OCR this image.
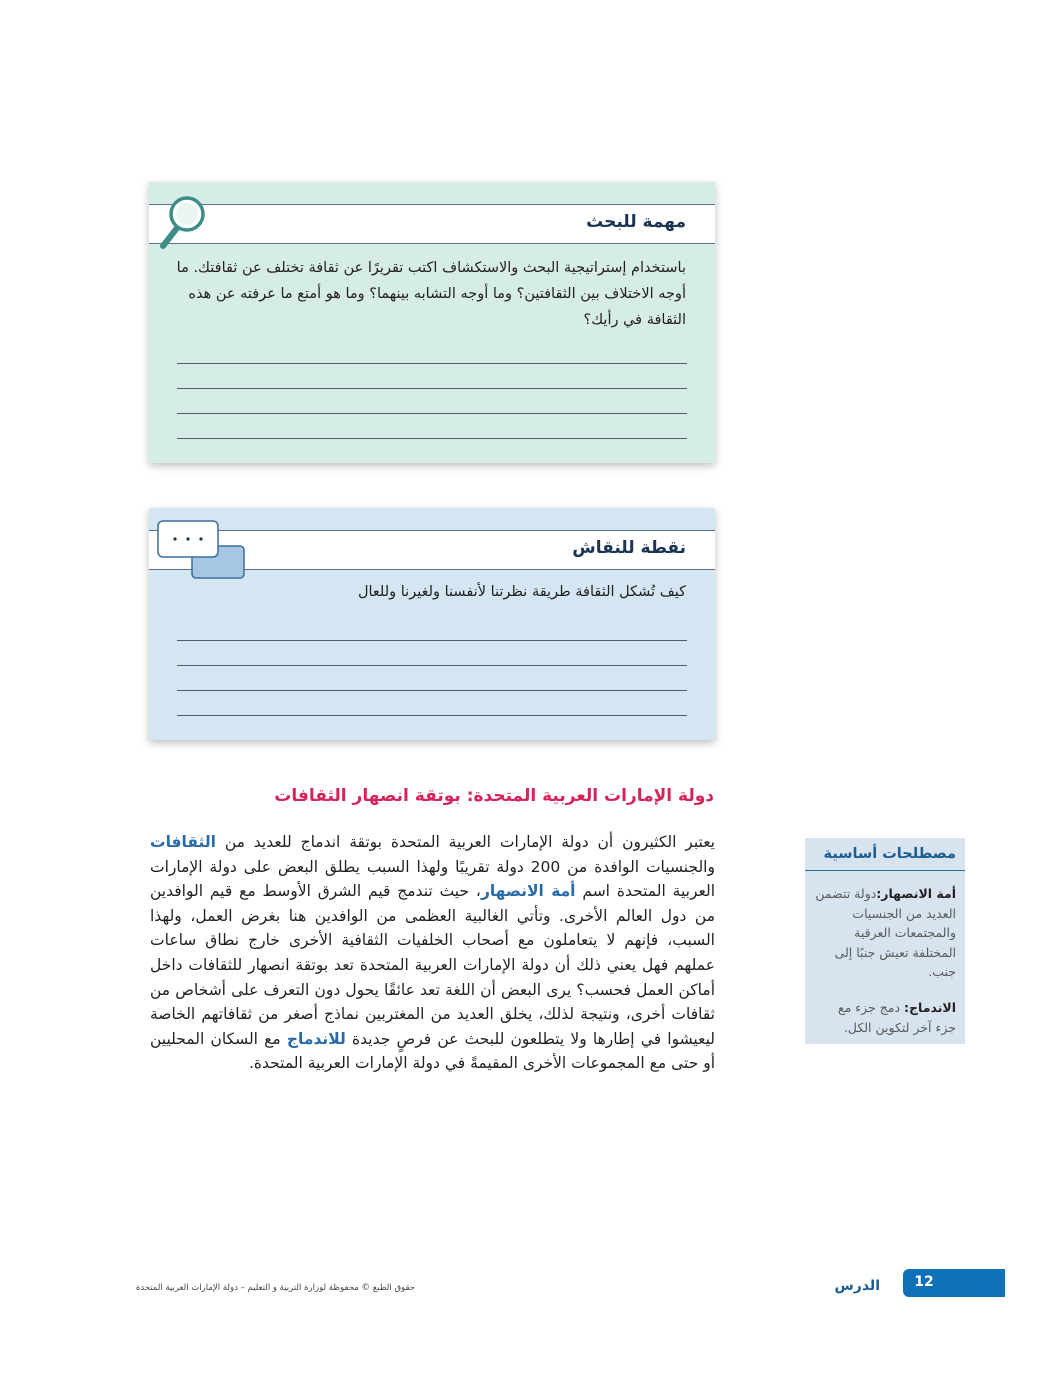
مهمة للبحث
باستخدام إستراتيجية البحث والاستكشاف اكتب تقريرًا عن ثقافة تختلف عن ثقافتك. ما أوجه الاختلاف بين الثقافتين؟ وما أوجه التشابه بينهما؟ وما هو أمتع ما عرفته عن هذه الثقافة في رأيك؟
نقطة للنقاش
كيف تُشكل الثقافة طريقة نظرتنا لأنفسنا ولغيرنا وللعال
دولة الإمارات العربية المتحدة: بوتقة انصهار الثقافات

يعتبر الكثيرون أن دولة الإمارات العربية المتحدة بوتقة اندماج للعديد من الثقافات والجنسيات الوافدة من 200 دولة تقريبًا ولهذا السبب يطلق البعض على دولة الإمارات العربية المتحدة اسم أمة الانصهار، حيث تندمج قيم الشرق الأوسط مع قيم الوافدين من دول العالم الأخرى. وتأتي الغالبية العظمى من الوافدين هنا بغرض العمل، ولهذا السبب، فإنهم لا يتعاملون مع أصحاب الخلفيات الثقافية الأخرى خارج نطاق ساعات عملهم فهل يعني ذلك أن دولة الإمارات العربية المتحدة تعد بوتقة انصهار للثقافات داخل أماكن العمل فحسب؟ يرى البعض أن اللغة تعد عائقًا يحول دون التعرف على أشخاص من ثقافات أخرى، ونتيجة لذلك، يخلق العديد من المغتربين نماذج أصغر من ثقافاتهم الخاصة ليعيشوا في إطارها ولا يتطلعون للبحث عن فرصٍ جديدة للاندماج مع السكان المحليين أو حتى مع المجموعات الأخرى المقيمةً في دولة الإمارات العربية المتحدة.

مصطلحات أساسية
أمة الانصهار:دولة تتضمن العديد من الجنسيات والمجتمعات العرقية المختلفة تعيش جنبًا إلى جنب.
الاندماج: دمج جزء مع جزء آخر لتكوين الكل.
حقوق الطبع © محفوظة لوزارة التربية و التعليم – دولة الإمارات العربية المتحدة	الدرس 12
